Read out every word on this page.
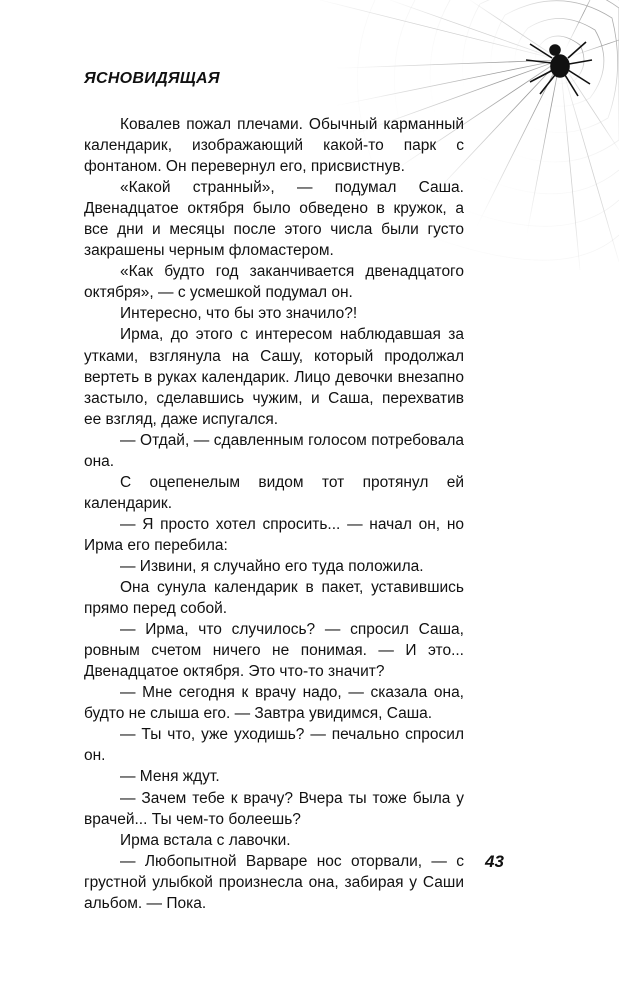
ЯСНОВИДЯЩАЯ

Ковалев пожал плечами. Обычный карманный календарик, изображающий какой-то парк с фонтаном. Он перевернул его, присвистнув.

«Какой странный», — подумал Саша. Двенадцатое октября было обведено в кружок, а все дни и месяцы после этого числа были густо закрашены черным фломастером.

«Как будто год заканчивается двенадцатого октября», — с усмешкой подумал он.

Интересно, что бы это значило?!

Ирма, до этого с интересом наблюдавшая за утками, взглянула на Сашу, который продолжал вертеть в руках календарик. Лицо девочки внезапно застыло, сделавшись чужим, и Саша, перехватив ее взгляд, даже испугался.

— Отдай, — сдавленным голосом потребовала она.

С оцепенелым видом тот протянул ей календарик.

— Я просто хотел спросить... — начал он, но Ирма его перебила:

— Извини, я случайно его туда положила.

Она сунула календарик в пакет, уставившись прямо перед собой.

— Ирма, что случилось? — спросил Саша, ровным счетом ничего не понимая. — И это... Двенадцатое октября. Это что-то значит?

— Мне сегодня к врачу надо, — сказала она, будто не слыша его. — Завтра увидимся, Саша.

— Ты что, уже уходишь? — печально спросил он.

— Меня ждут.

— Зачем тебе к врачу? Вчера ты тоже была у врачей... Ты чем-то болеешь?

Ирма встала с лавочки.

— Любопытной Варваре нос оторвали, — с грустной улыбкой произнесла она, забирая у Саши альбом. — Пока.

43
